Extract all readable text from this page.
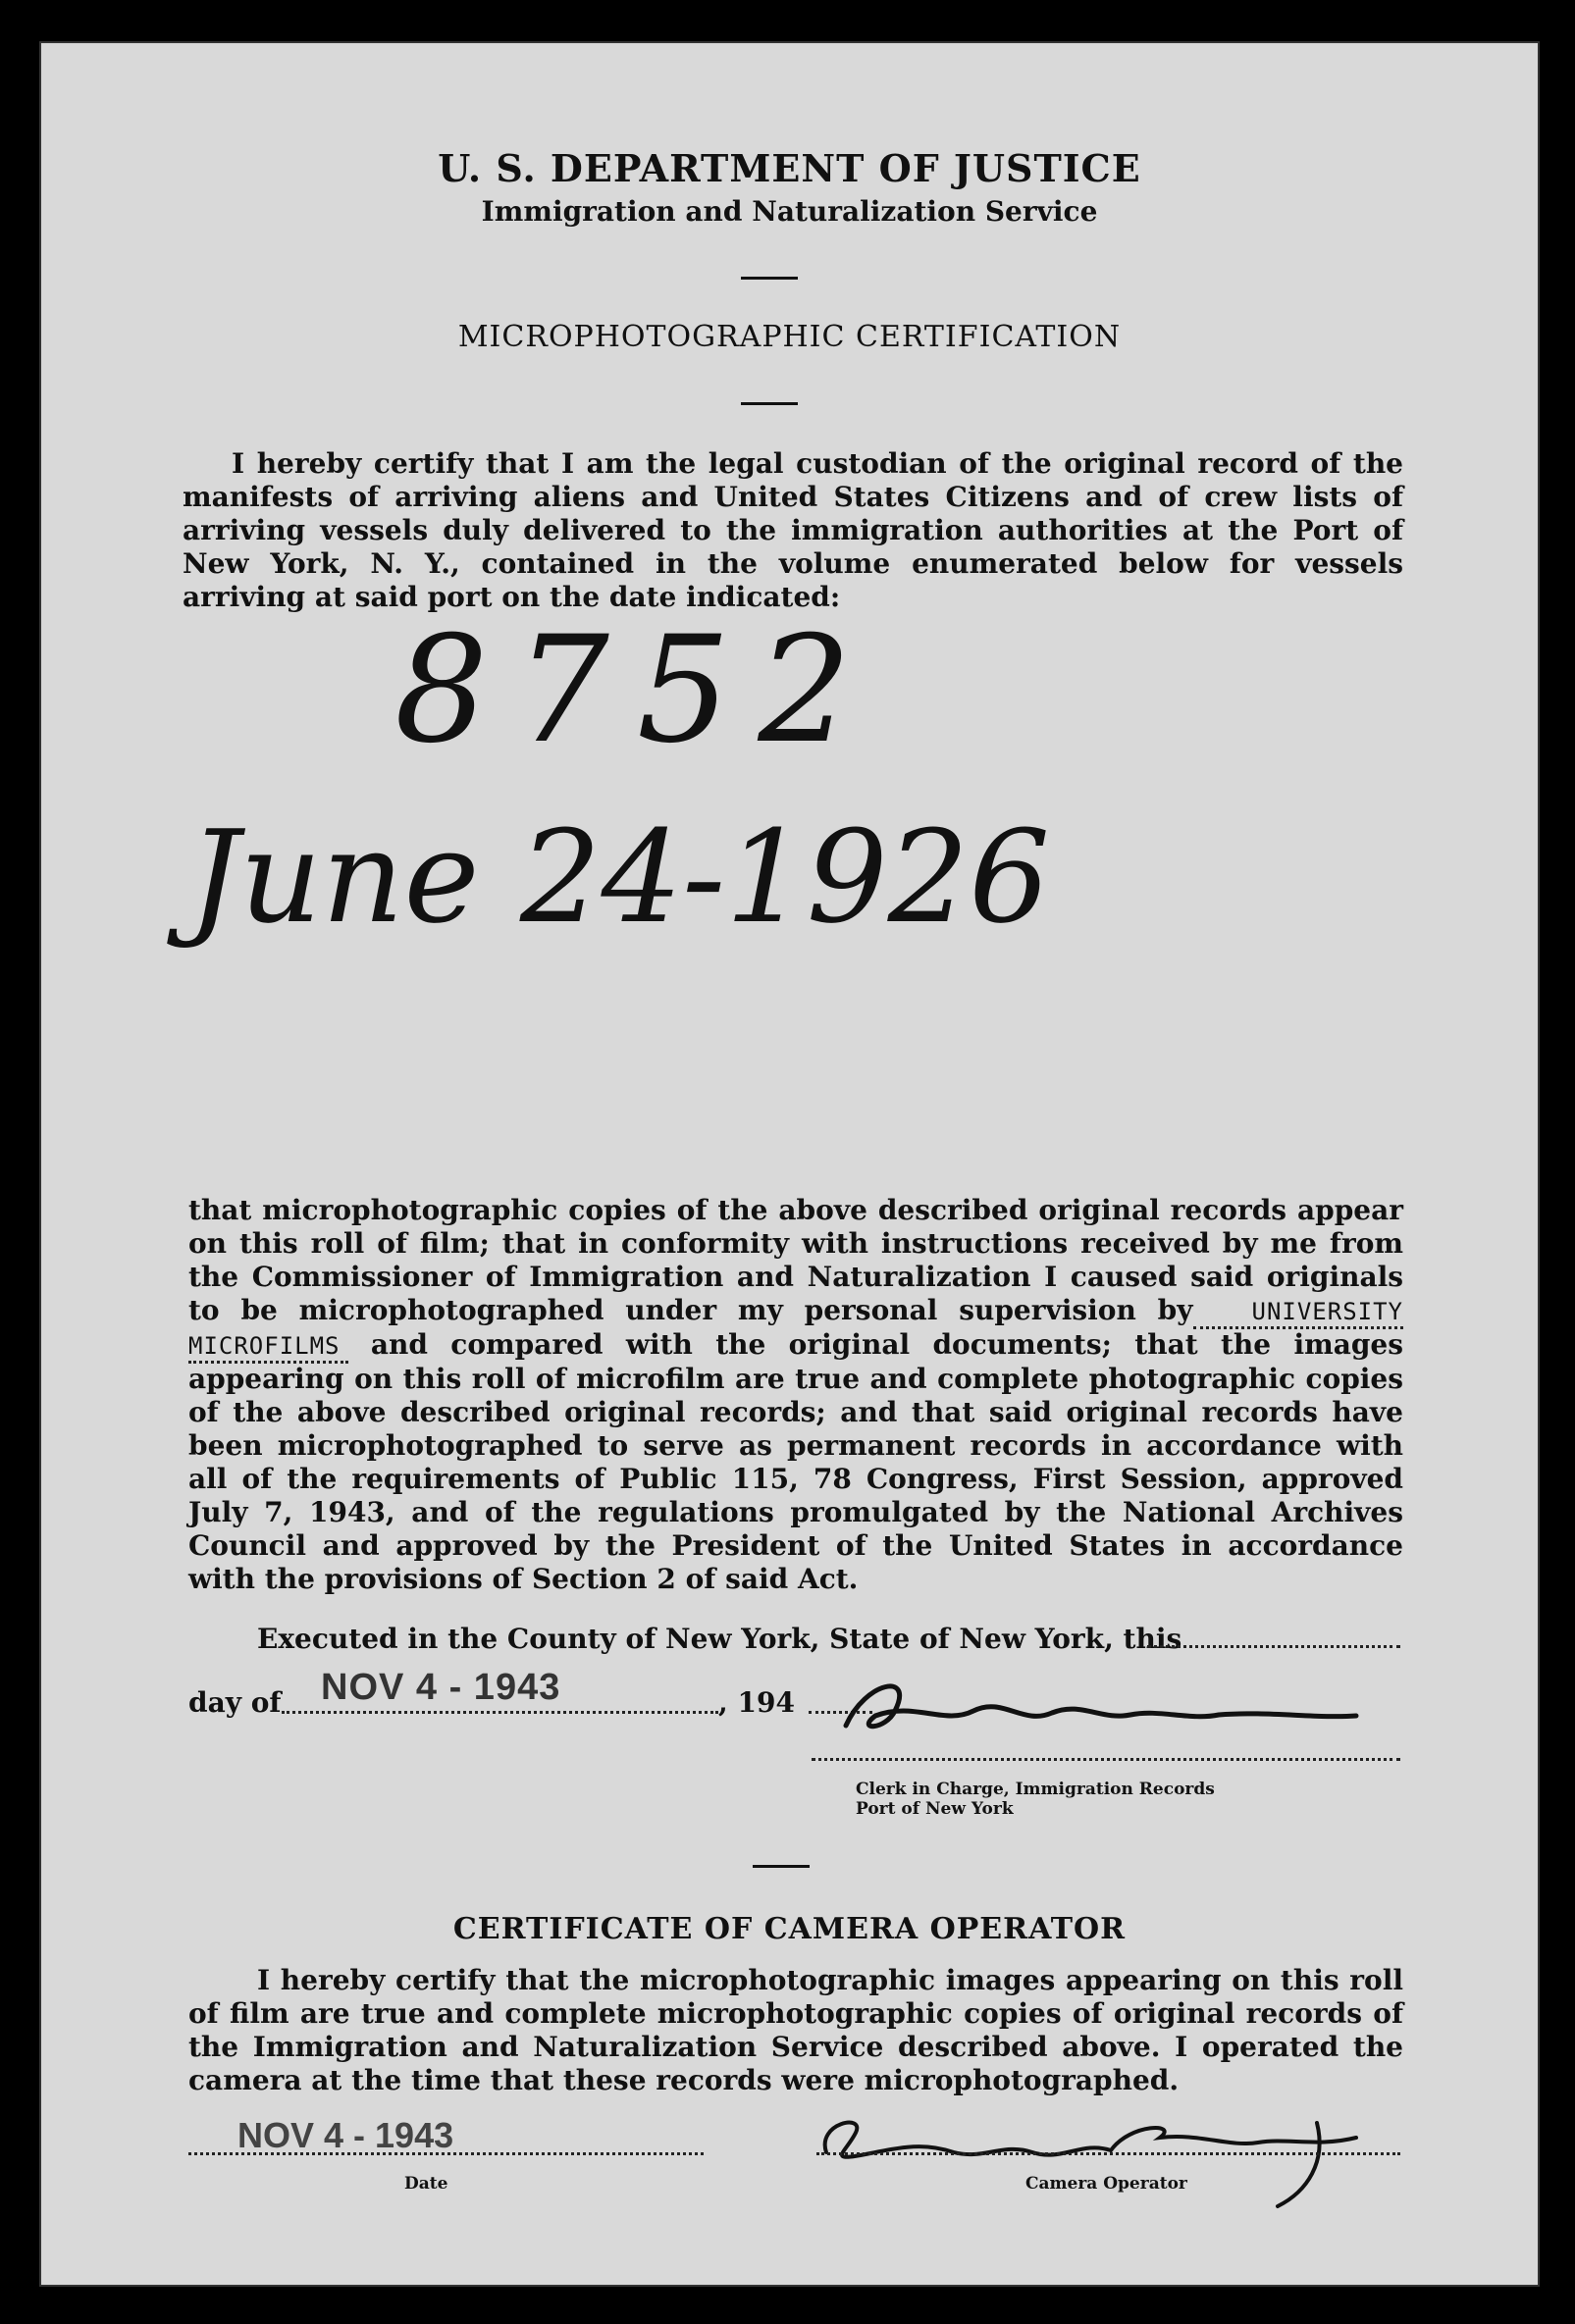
U. S. DEPARTMENT OF JUSTICE
Immigration and Naturalization Service
MICROPHOTOGRAPHIC CERTIFICATION
I hereby certify that I am the legal custodian of the original record of the manifests of arriving aliens and United States Citizens and of crew lists of arriving vessels duly delivered to the immigration authorities at the Port of New York, N. Y., contained in the volume enumerated below for vessels arriving at said port on the date indicated:
8752
June 24-1926
that microphotographic copies of the above described original records appear on this roll of film; that in conformity with instructions received by me from the Commissioner of Immigration and Naturalization I caused said originals to be microphotographed under my personal supervision by	UNIVERSITY MICROFILMS and compared with the original documents; that the images appearing on this roll of microfilm are true and complete photographic copies of the above described original records; and that said original records have been microphotographed to serve as permanent records in accordance with all of the requirements of Public 115, 78 Congress, First Session, approved July 7, 1943, and of the regulations promulgated by the National Archives Council and approved by the President of the United States in accordance with the provisions of Section 2 of said Act.
Executed in the County of New York, State of New York, this
day of NOV 4 - 1943	, 194
Clerk in Charge, Immigration Records
Port of New York
CERTIFICATE OF CAMERA OPERATOR
I hereby certify that the microphotographic images appearing on this roll of film are true and complete microphotographic copies of original records of the Immigration and Naturalization Service described above. I operated the camera at the time that these records were microphotographed.
NOV 4 - 1943
Date	Camera Operator
